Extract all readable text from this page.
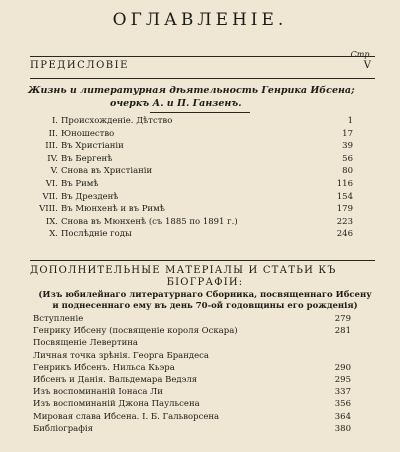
ОГЛАВЛЕНІЕ.
Стр.
ПРЕДИСЛОВІЕ	V
Жизнь и литературная дѣятельность Генрика Ибсена;
очеркъ А. и П. Ганзенъ.
I. Происхожденіе. Дѣтство	1
II. Юношество	17
III. Въ Христіаніи	39
IV. Въ Бергенѣ	56
V. Снова въ Христіаніи	80
VI. Въ Римѣ	116
VII. Въ Дрезденѣ	154
VIII. Въ Мюнхенѣ и въ Римѣ	179
IX. Снова въ Мюнхенѣ (съ 1885 по 1891 г.)	223
X. Послѣдніе годы	246
ДОПОЛНИТЕЛЬНЫЕ МАТЕРІАЛЫ И СТАТЬИ КЪ
БІОГРАФІИ:
(Изъ юбилейнаго литературнаго Сборника, посвященнаго Ибсену
и поднесеннаго ему въ день 70-ой годовщины его рожденія)
Вступленіе	279
Генрику Ибсену (посвященіе короля Оскара)	281
Посвященіе Левертина
Личная точка зрѣнія. Георга Брандеса
Генрикъ Ибсенъ. Нильса Кьэра	290
Ибсенъ и Данія. Вальдемара Ведэля	295
Изъ воспоминаній Іонаса Ли	337
Изъ воспоминаній Джона Паульсена	356
Мировая слава Ибсена. І. Б. Гальворсена	364
Библіографія	380
